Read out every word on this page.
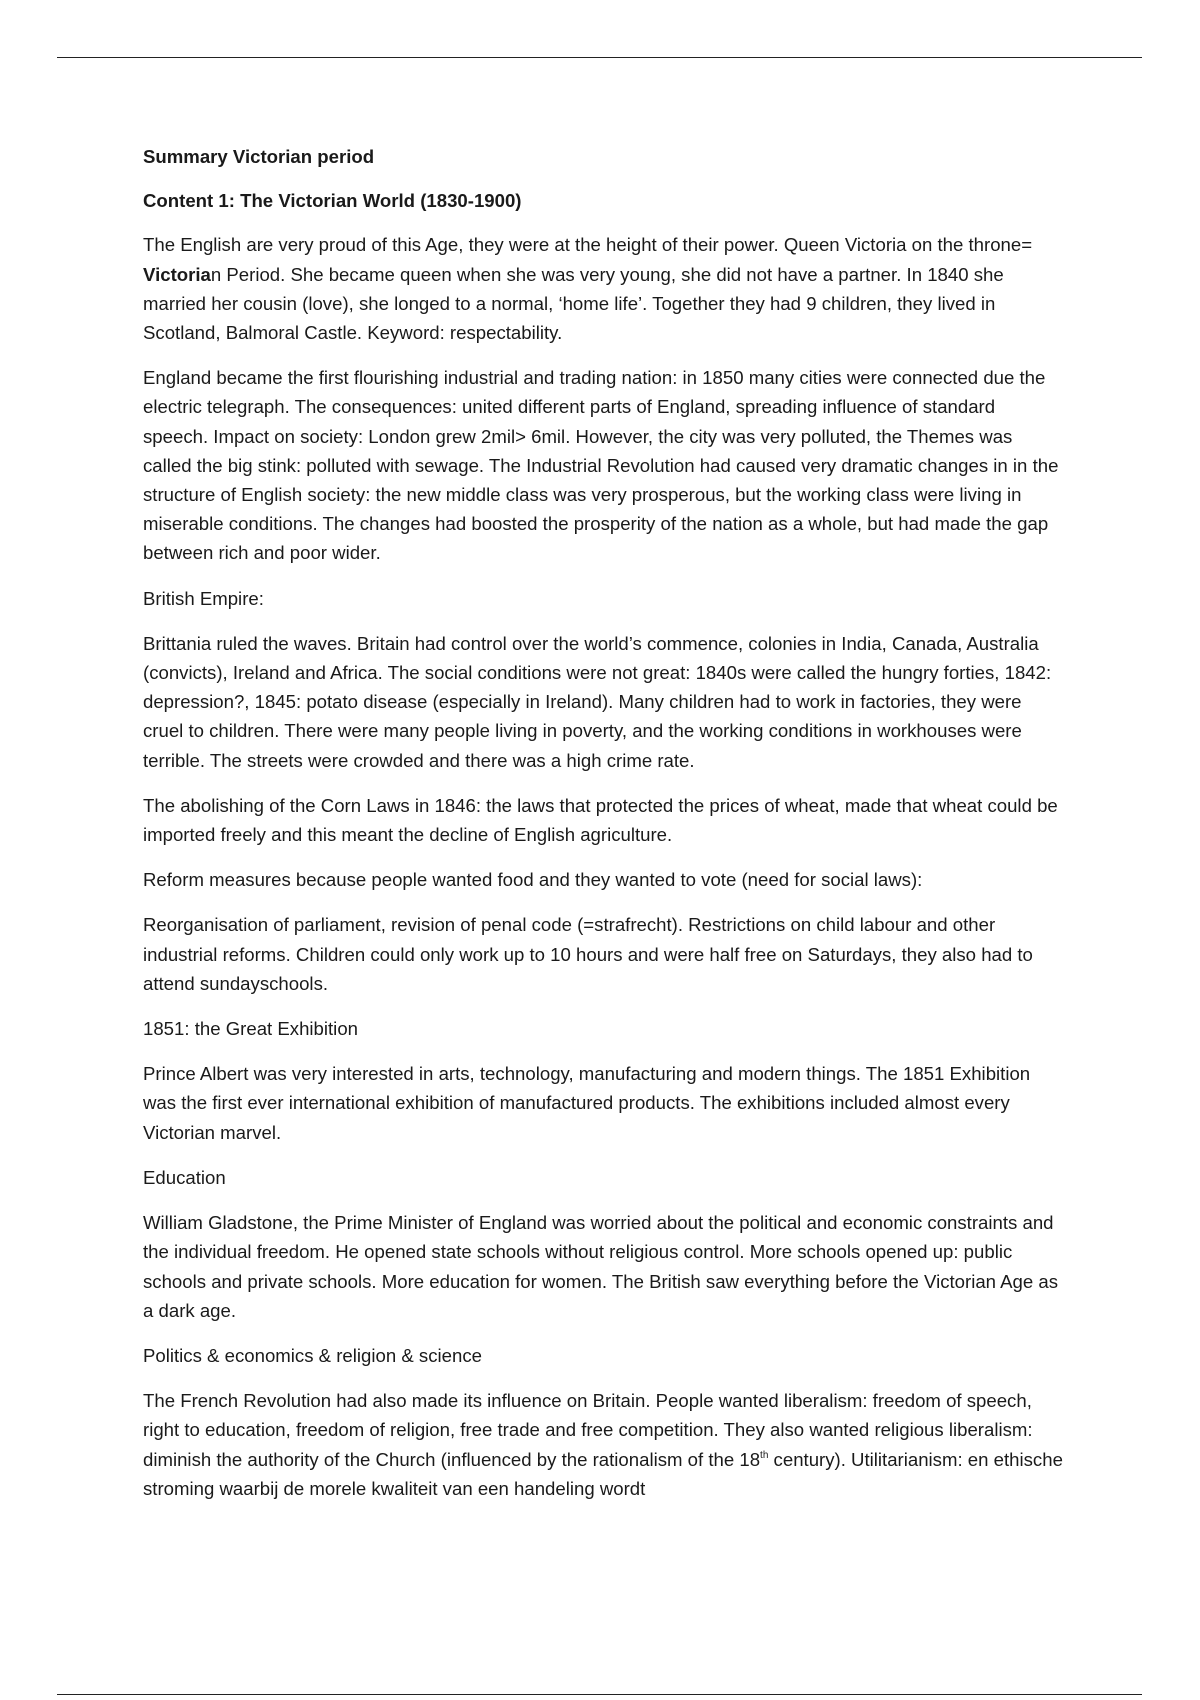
Summary Victorian period

Content 1: The Victorian World (1830-1900)

The English are very proud of this Age, they were at the height of their power. Queen Victoria on the throne= Victorian Period. She became queen when she was very young, she did not have a partner. In 1840 she married her cousin (love), she longed to a normal, ‘home life’. Together they had 9 children, they lived in Scotland, Balmoral Castle. Keyword: respectability.

England became the first flourishing industrial and trading nation: in 1850 many cities were connected due the electric telegraph. The consequences: united different parts of England, spreading influence of standard speech. Impact on society: London grew 2mil> 6mil. However, the city was very polluted, the Themes was called the big stink: polluted with sewage. The Industrial Revolution had caused very dramatic changes in in the structure of English society: the new middle class was very prosperous, but the working class were living in miserable conditions. The changes had boosted the prosperity of the nation as a whole, but had made the gap between rich and poor wider.

British Empire:

Brittania ruled the waves. Britain had control over the world’s commence, colonies in India, Canada, Australia (convicts), Ireland and Africa. The social conditions were not great: 1840s were called the hungry forties, 1842: depression?, 1845: potato disease (especially in Ireland). Many children had to work in factories, they were cruel to children. There were many people living in poverty, and the working conditions in workhouses were terrible. The streets were crowded and there was a high crime rate.

The abolishing of the Corn Laws in 1846: the laws that protected the prices of wheat, made that wheat could be imported freely and this meant the decline of English agriculture.

Reform measures because people wanted food and they wanted to vote (need for social laws):

Reorganisation of parliament, revision of penal code (=strafrecht). Restrictions on child labour and other industrial reforms. Children could only work up to 10 hours and were half free on Saturdays, they also had to attend sundayschools.

1851: the Great Exhibition

Prince Albert was very interested in arts, technology, manufacturing and modern things. The 1851 Exhibition was the first ever international exhibition of manufactured products. The exhibitions included almost every Victorian marvel.

Education

William Gladstone, the Prime Minister of England was worried about the political and economic constraints and the individual freedom. He opened state schools without religious control. More schools opened up: public schools and private schools. More education for women. The British saw everything before the Victorian Age as a dark age.

Politics & economics & religion & science

The French Revolution had also made its influence on Britain. People wanted liberalism: freedom of speech, right to education, freedom of religion, free trade and free competition. They also wanted religious liberalism: diminish the authority of the Church (influenced by the rationalism of the 18th century). Utilitarianism: en ethische stroming waarbij de morele kwaliteit van een handeling wordt
